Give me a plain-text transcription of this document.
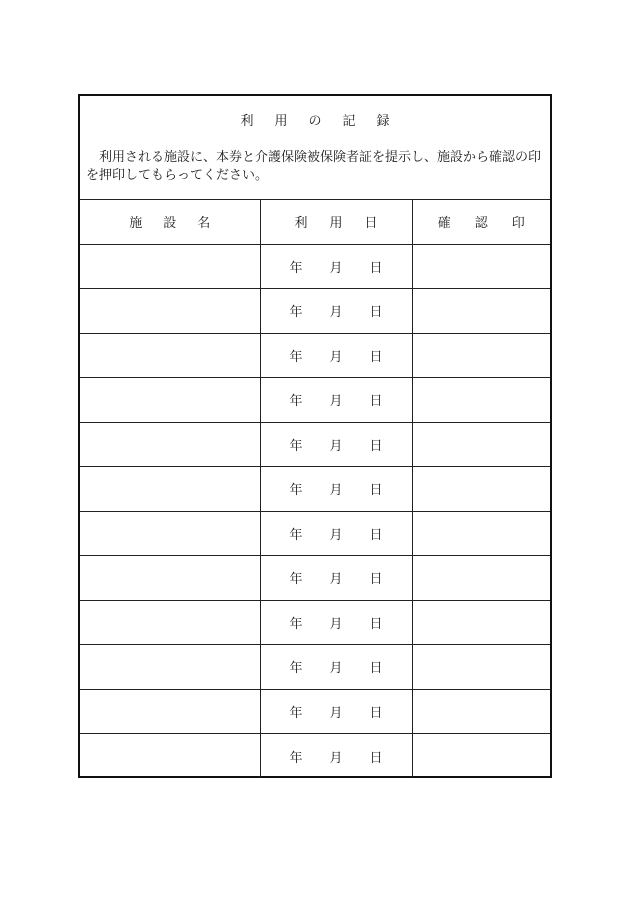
利用の記録

利用される施設に、本券と介護保険被保険者証を提示し、施設から確認の印を押印してもらってください。

施設名	利用日	確認印
	年 月 日	
	年 月 日	
	年 月 日	
	年 月 日	
	年 月 日	
	年 月 日	
	年 月 日	
	年 月 日	
	年 月 日	
	年 月 日	
	年 月 日	
	年 月 日	
